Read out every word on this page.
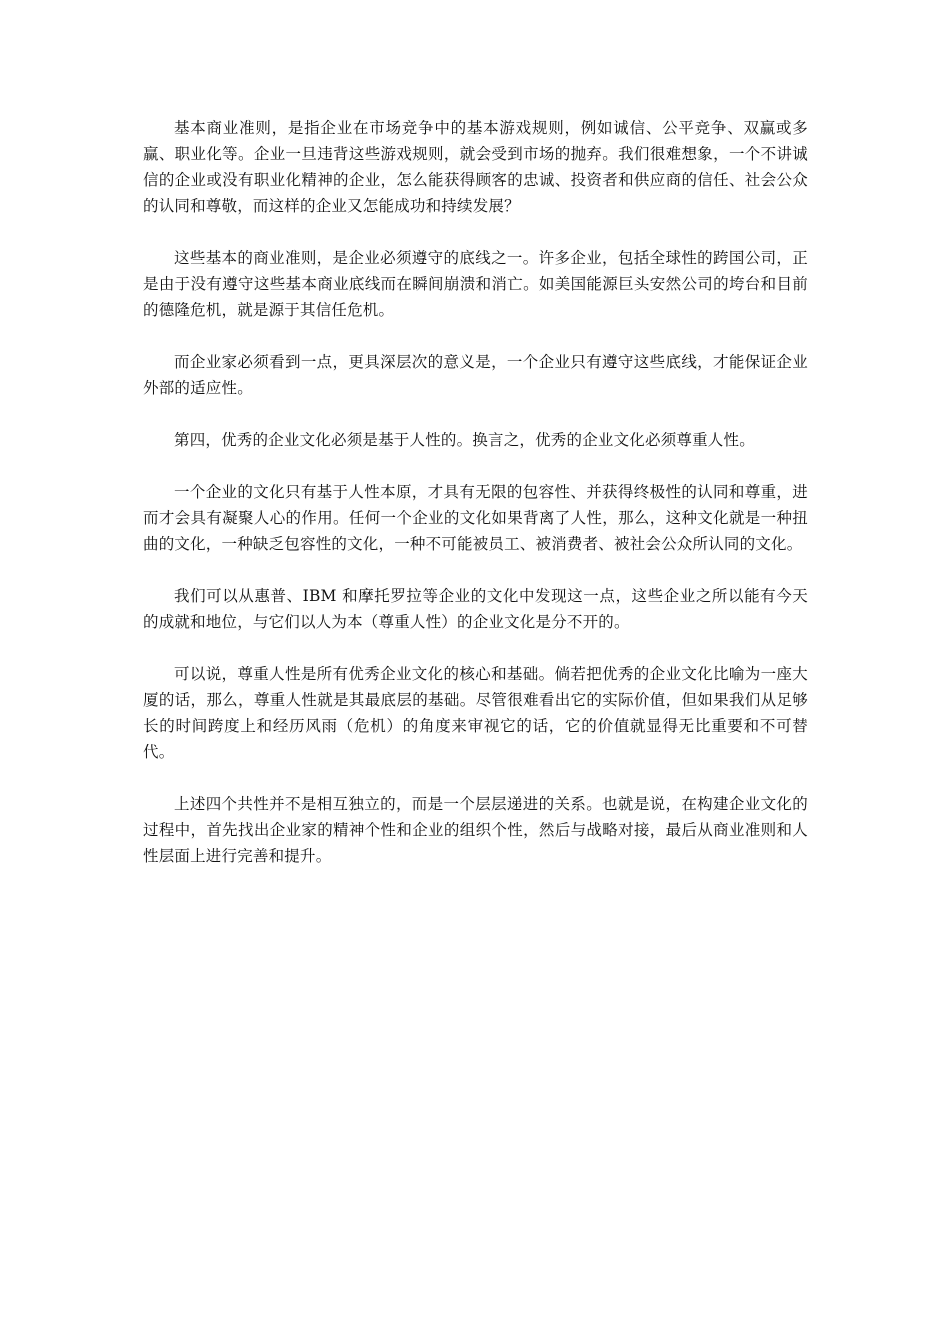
基本商业准则，是指企业在市场竞争中的基本游戏规则，例如诚信、公平竞争、双赢或多赢、职业化等。企业一旦违背这些游戏规则，就会受到市场的抛弃。我们很难想象，一个不讲诚信的企业或没有职业化精神的企业，怎么能获得顾客的忠诚、投资者和供应商的信任、社会公众的认同和尊敬，而这样的企业又怎能成功和持续发展？

这些基本的商业准则，是企业必须遵守的底线之一。许多企业，包括全球性的跨国公司，正是由于没有遵守这些基本商业底线而在瞬间崩溃和消亡。如美国能源巨头安然公司的垮台和目前的德隆危机，就是源于其信任危机。

而企业家必须看到一点，更具深层次的意义是，一个企业只有遵守这些底线，才能保证企业外部的适应性。

第四，优秀的企业文化必须是基于人性的。换言之，优秀的企业文化必须尊重人性。

一个企业的文化只有基于人性本原，才具有无限的包容性、并获得终极性的认同和尊重，进而才会具有凝聚人心的作用。任何一个企业的文化如果背离了人性，那么，这种文化就是一种扭曲的文化，一种缺乏包容性的文化，一种不可能被员工、被消费者、被社会公众所认同的文化。

我们可以从惠普、IBM 和摩托罗拉等企业的文化中发现这一点，这些企业之所以能有今天的成就和地位，与它们以人为本（尊重人性）的企业文化是分不开的。

可以说，尊重人性是所有优秀企业文化的核心和基础。倘若把优秀的企业文化比喻为一座大厦的话，那么，尊重人性就是其最底层的基础。尽管很难看出它的实际价值，但如果我们从足够长的时间跨度上和经历风雨（危机）的角度来审视它的话，它的价值就显得无比重要和不可替代。

上述四个共性并不是相互独立的，而是一个层层递进的关系。也就是说，在构建企业文化的过程中，首先找出企业家的精神个性和企业的组织个性，然后与战略对接，最后从商业准则和人性层面上进行完善和提升。
